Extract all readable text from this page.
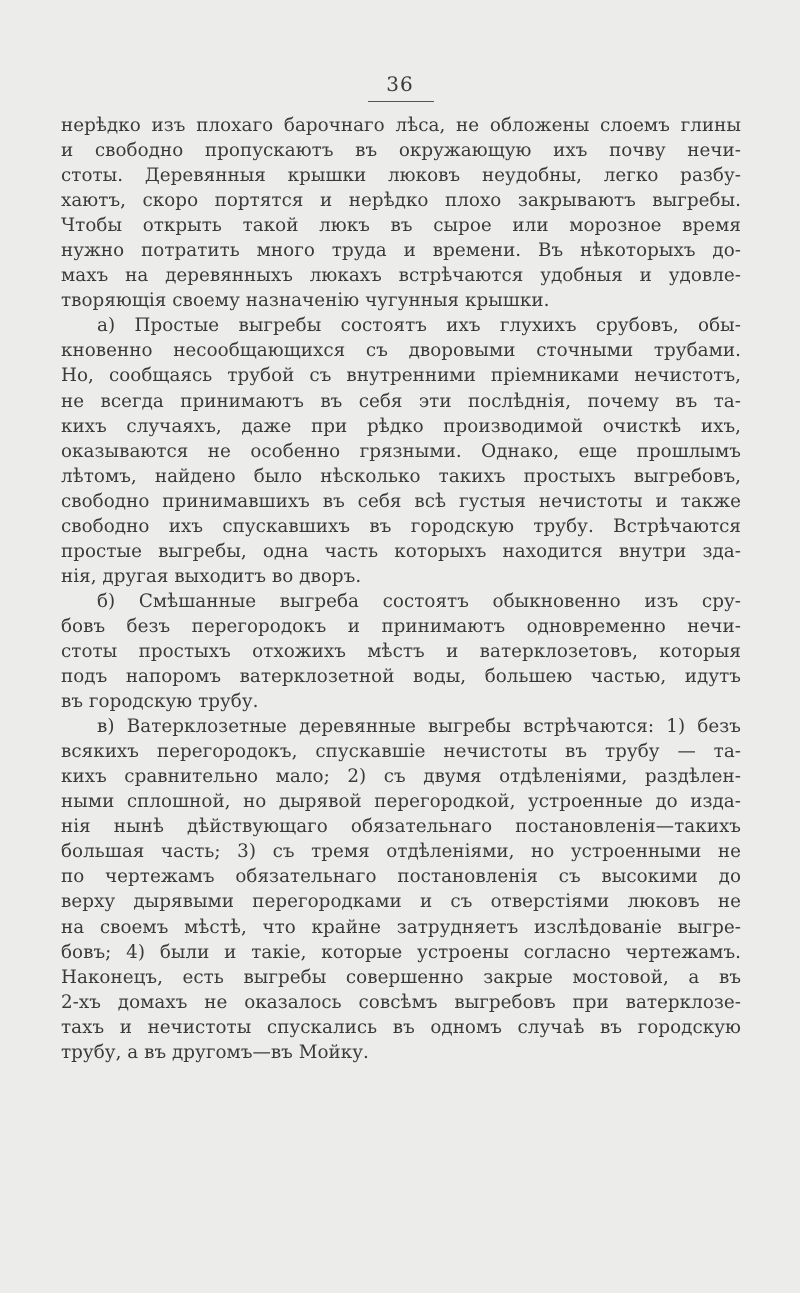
36
нерѣдко изъ плохаго барочнаго лѣса, не обложены слоемъ глины
и свободно пропускаютъ въ окружающую ихъ почву нечи-
стоты. Деревянныя крышки люковъ неудобны, легко разбу-
хаютъ, скоро портятся и нерѣдко плохо закрываютъ выгребы.
Чтобы открыть такой люкъ въ сырое или морозное время
нужно потратить много труда и времени. Въ нѣкоторыхъ до-
махъ на деревянныхъ люкахъ встрѣчаются удобныя и удовле-
творяющія своему назначенію чугунныя крышки.
а) Простые выгребы состоятъ ихъ глухихъ срубовъ, обы-
кновенно несообщающихся съ дворовыми сточными трубами.
Но, сообщаясь трубой съ внутренними пріемниками нечистотъ,
не всегда принимаютъ въ себя эти послѣднія, почему въ та-
кихъ случаяхъ, даже при рѣдко производимой очисткѣ ихъ,
оказываются не особенно грязными. Однако, еще прошлымъ
лѣтомъ, найдено было нѣсколько такихъ простыхъ выгребовъ,
свободно принимавшихъ въ себя всѣ густыя нечистоты и также
свободно ихъ спускавшихъ въ городскую трубу. Встрѣчаются
простые выгребы, одна часть которыхъ находится внутри зда-
нія, другая выходитъ во дворъ.
б) Смѣшанные выгреба состоятъ обыкновенно изъ сру-
бовъ безъ перегородокъ и принимаютъ одновременно нечи-
стоты простыхъ отхожихъ мѣстъ и ватерклозетовъ, которыя
подъ напоромъ ватерклозетной воды, большею частью, идутъ
въ городскую трубу.
в) Ватерклозетные деревянные выгребы встрѣчаются: 1) безъ
всякихъ перегородокъ, спускавшіе нечистоты въ трубу — та-
кихъ сравнительно мало; 2) съ двумя отдѣленіями, раздѣлен-
ными сплошной, но дырявой перегородкой, устроенные до изда-
нія нынѣ дѣйствующаго обязательнаго постановленія—такихъ
большая часть; 3) съ тремя отдѣленіями, но устроенными не
по чертежамъ обязательнаго постановленія съ высокими до
верху дырявыми перегородками и съ отверстіями люковъ не
на своемъ мѣстѣ, что крайне затрудняетъ изслѣдованіе выгре-
бовъ; 4) были и такіе, которые устроены согласно чертежамъ.
Наконецъ, есть выгребы совершенно закрые мостовой, а въ
2-хъ домахъ не оказалось совсѣмъ выгребовъ при ватерклозе-
тахъ и нечистоты спускались въ одномъ случаѣ въ городскую
трубу, а въ другомъ—въ Мойку.
